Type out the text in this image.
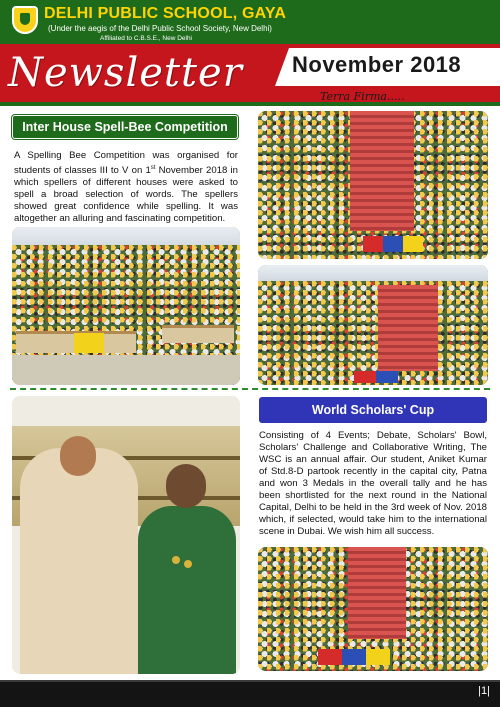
DELHI PUBLIC SCHOOL, GAYA
(Under the aegis of the Delhi Public School Society, New Delhi)
Affiliated to C.B.S.E., New Delhi
Newsletter November 2018
Terra Firma.....
Inter House Spell-Bee Competition
A Spelling Bee Competition was organised for students of classes III to V on 1st November 2018 in which spellers of different houses were asked to spell a broad selection of words. The spellers showed great confidence while spelling. It was altogether an alluring and fascinating competition.
World Scholars' Cup
Consisting of 4 Events; Debate, Scholars' Bowl, Scholars' Challenge and Collaborative Writing, The WSC is an annual affair. Our student, Aniket Kumar of Std.8-D partook recently in the capital city, Patna and won 3 Medals in the overall tally and he has been shortlisted for the next round in the National Capital, Delhi to be held in the 3rd week of Nov. 2018 which, if selected, would take him to the international scene in Dubai. We wish him all success.
|1|
